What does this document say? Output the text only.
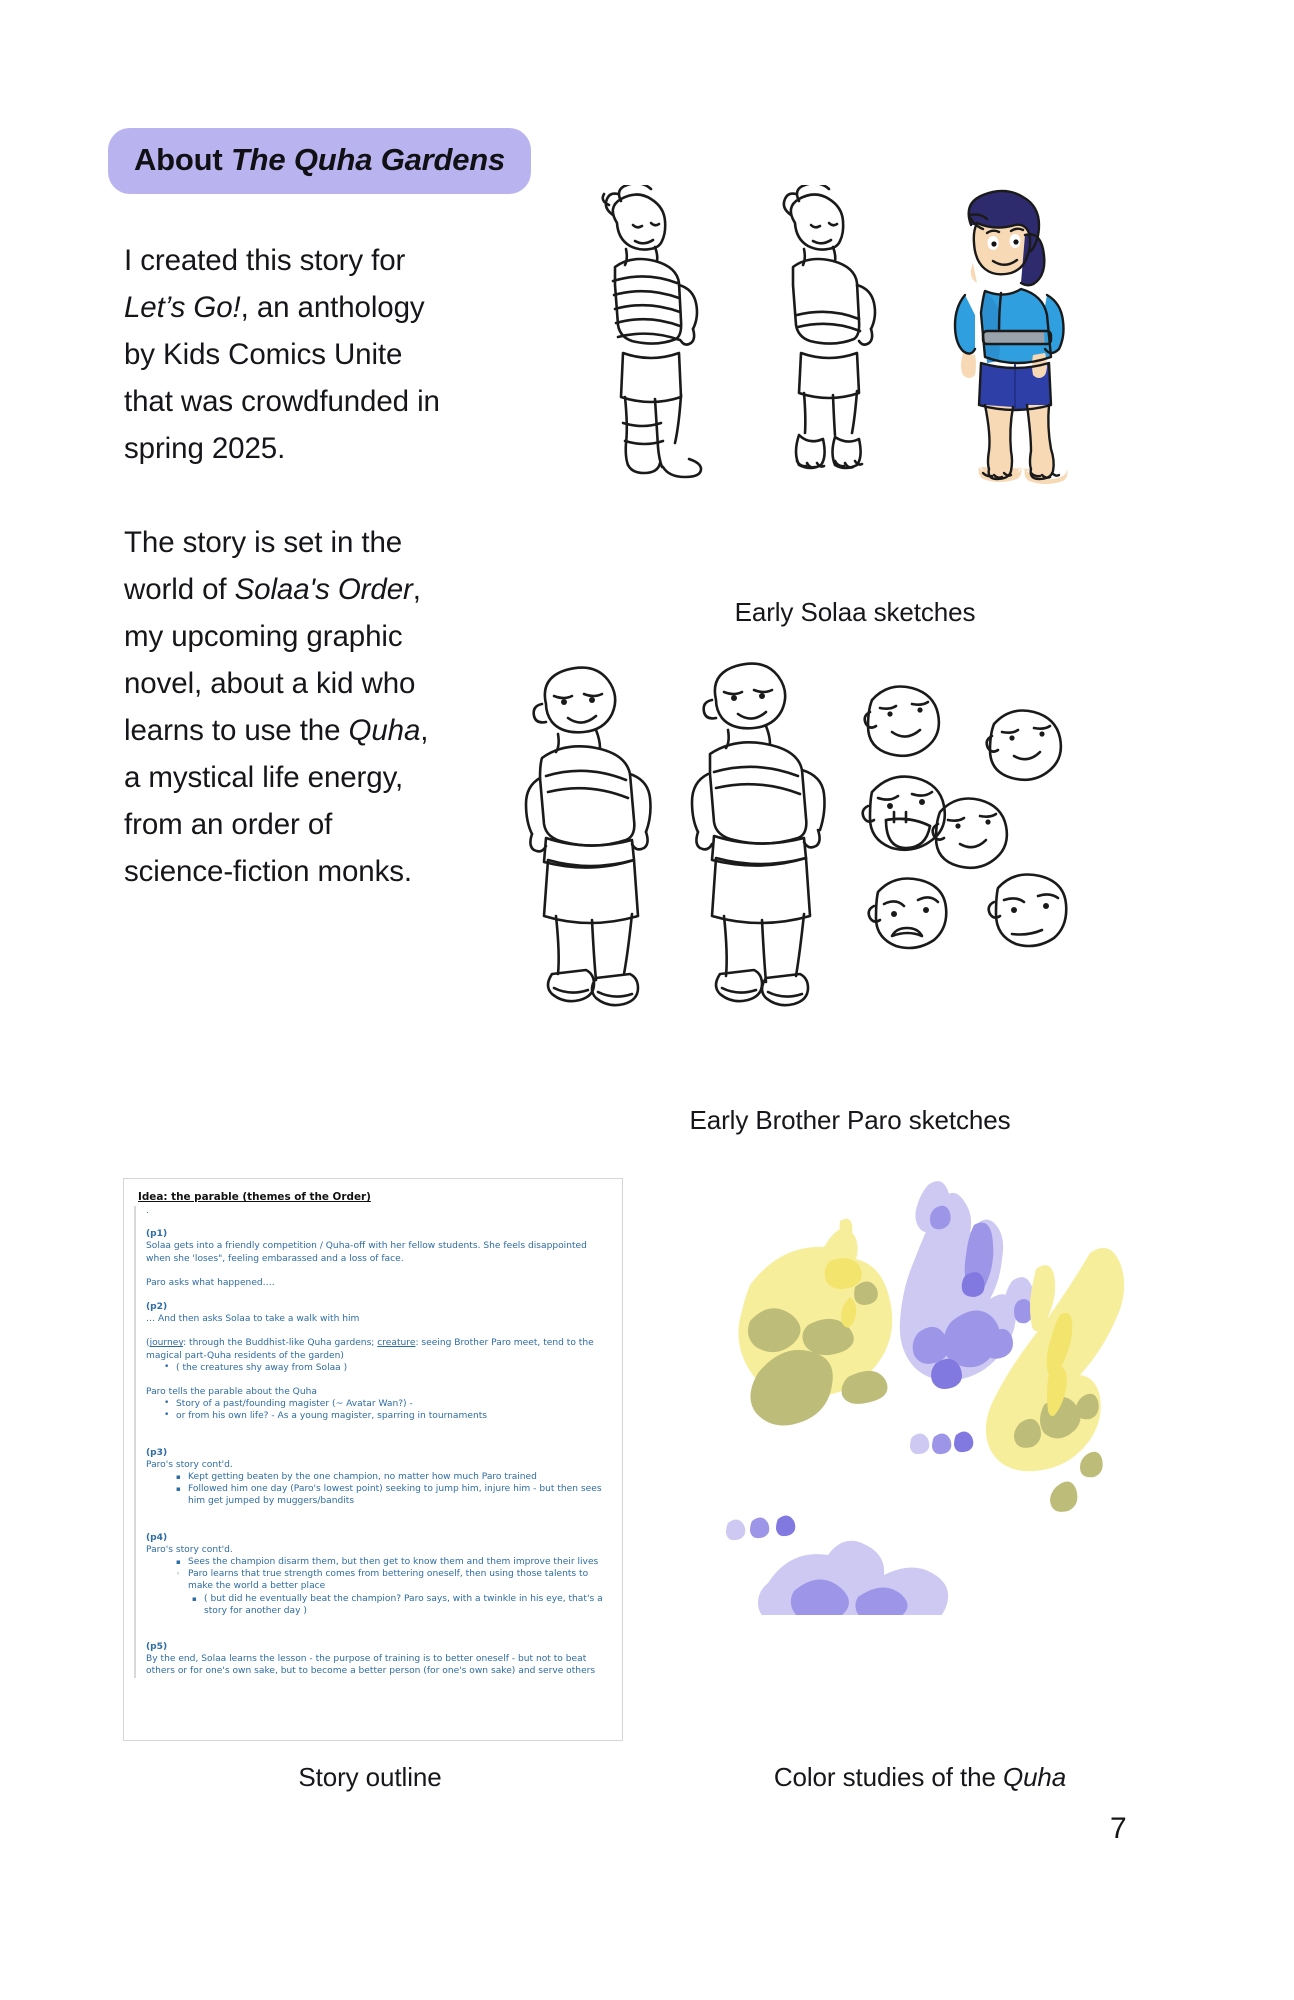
About The Quha Gardens

I created this story for Let’s Go!, an anthology by Kids Comics Unite that was crowdfunded in spring 2025.

The story is set in the world of Solaa's Order, my upcoming graphic novel, about a kid who learns to use the Quha, a mystical life energy, from an order of science-fiction monks.

Early Solaa sketches
Early Brother Paro sketches
Idea: the parable (themes of the Order)

.

(p1)

Solaa gets into a friendly competition / Quha-off with her fellow students. She feels disappointed when she 'loses", feeling embarassed and a loss of face.

Paro asks what happened….

(p2)

… And then asks Solaa to take a walk with him

(journey: through the Buddhist-like Quha gardens; creature: seeing Brother Paro meet, tend to the magical part-Quha residents of the garden)

• ( the creatures shy away from Solaa )

Paro tells the parable about the Quha

• Story of a past/founding magister (~ Avatar Wan?) -
• or from his own life? - As a young magister, sparring in tournaments

(p3)

Paro's story cont'd.

▪ Kept getting beaten by the one champion, no matter how much Paro trained
▪ Followed him one day (Paro's lowest point) seeking to jump him, injure him - but then sees him get jumped by muggers/bandits

(p4)

Paro's story cont'd.

▪ Sees the champion disarm them, but then get to know them and them improve their lives
◦ Paro learns that true strength comes from bettering oneself, then using those talents to make the world a better place
▪ ( but did he eventually beat the champion? Paro says, with a twinkle in his eye, that's a story for another day )

(p5)

By the end, Solaa learns the lesson - the purpose of training is to better oneself - but not to beat others or for one's own sake, but to become a better person (for one's own sake) and serve others

Story outline	Color studies of the Quha
7
